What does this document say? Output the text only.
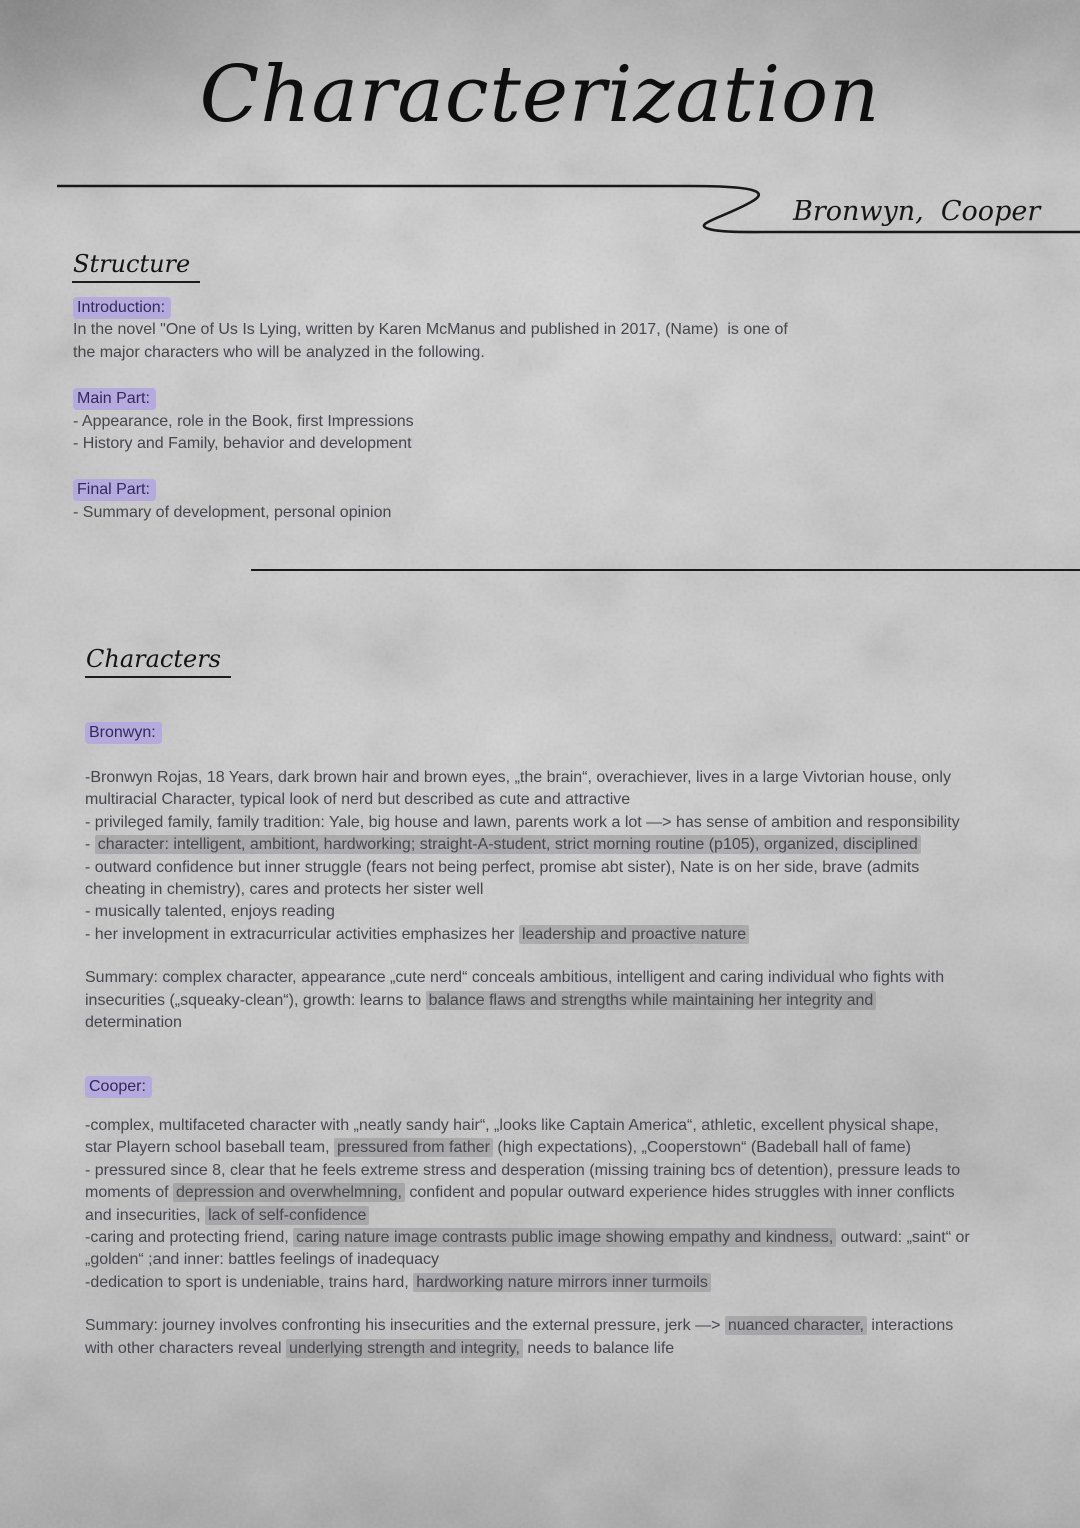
Characterization
Bronwyn,  Cooper
Structure
Introduction:
In the novel "One of Us Is Lying, written by Karen McManus and published in 2017, (Name)  is one of
the major characters who will be analyzed in the following.
Main Part:
- Appearance, role in the Book, first Impressions
- History and Family, behavior and development
Final Part:
- Summary of development, personal opinion
Characters
Bronwyn:
-Bronwyn Rojas, 18 Years, dark brown hair and brown eyes, „the brain“, overachiever, lives in a large Vivtorian house, only
multiracial Character, typical look of nerd but described as cute and attractive
- privileged family, family tradition: Yale, big house and lawn, parents work a lot —> has sense of ambition and responsibility
- character: intelligent, ambitiont, hardworking; straight-A-student, strict morning routine (p105), organized, disciplined
- outward confidence but inner struggle (fears not being perfect, promise abt sister), Nate is on her side, brave (admits
cheating in chemistry), cares and protects her sister well
- musically talented, enjoys reading
- her invelopment in extracurricular activities emphasizes her leadership and proactive nature
Summary: complex character, appearance „cute nerd“ conceals ambitious, intelligent and caring individual who fights with
insecurities („squeaky-clean“), growth: learns to balance flaws and strengths while maintaining her integrity and
determination
Cooper:
-complex, multifaceted character with „neatly sandy hair“, „looks like Captain America“, athletic, excellent physical shape,
star Playern school baseball team, pressured from father (high expectations), „Cooperstown“ (Badeball hall of fame)
- pressured since 8, clear that he feels extreme stress and desperation (missing training bcs of detention), pressure leads to
moments of depression and overwhelmning, confident and popular outward experience hides struggles with inner conflicts
and insecurities, lack of self-confidence
-caring and protecting friend, caring nature image contrasts public image showing empathy and kindness, outward: „saint“ or
„golden“ ;and inner: battles feelings of inadequacy
-dedication to sport is undeniable, trains hard, hardworking nature mirrors inner turmoils
Summary: journey involves confronting his insecurities and the external pressure, jerk —> nuanced character, interactions
with other characters reveal underlying strength and integrity, needs to balance life
